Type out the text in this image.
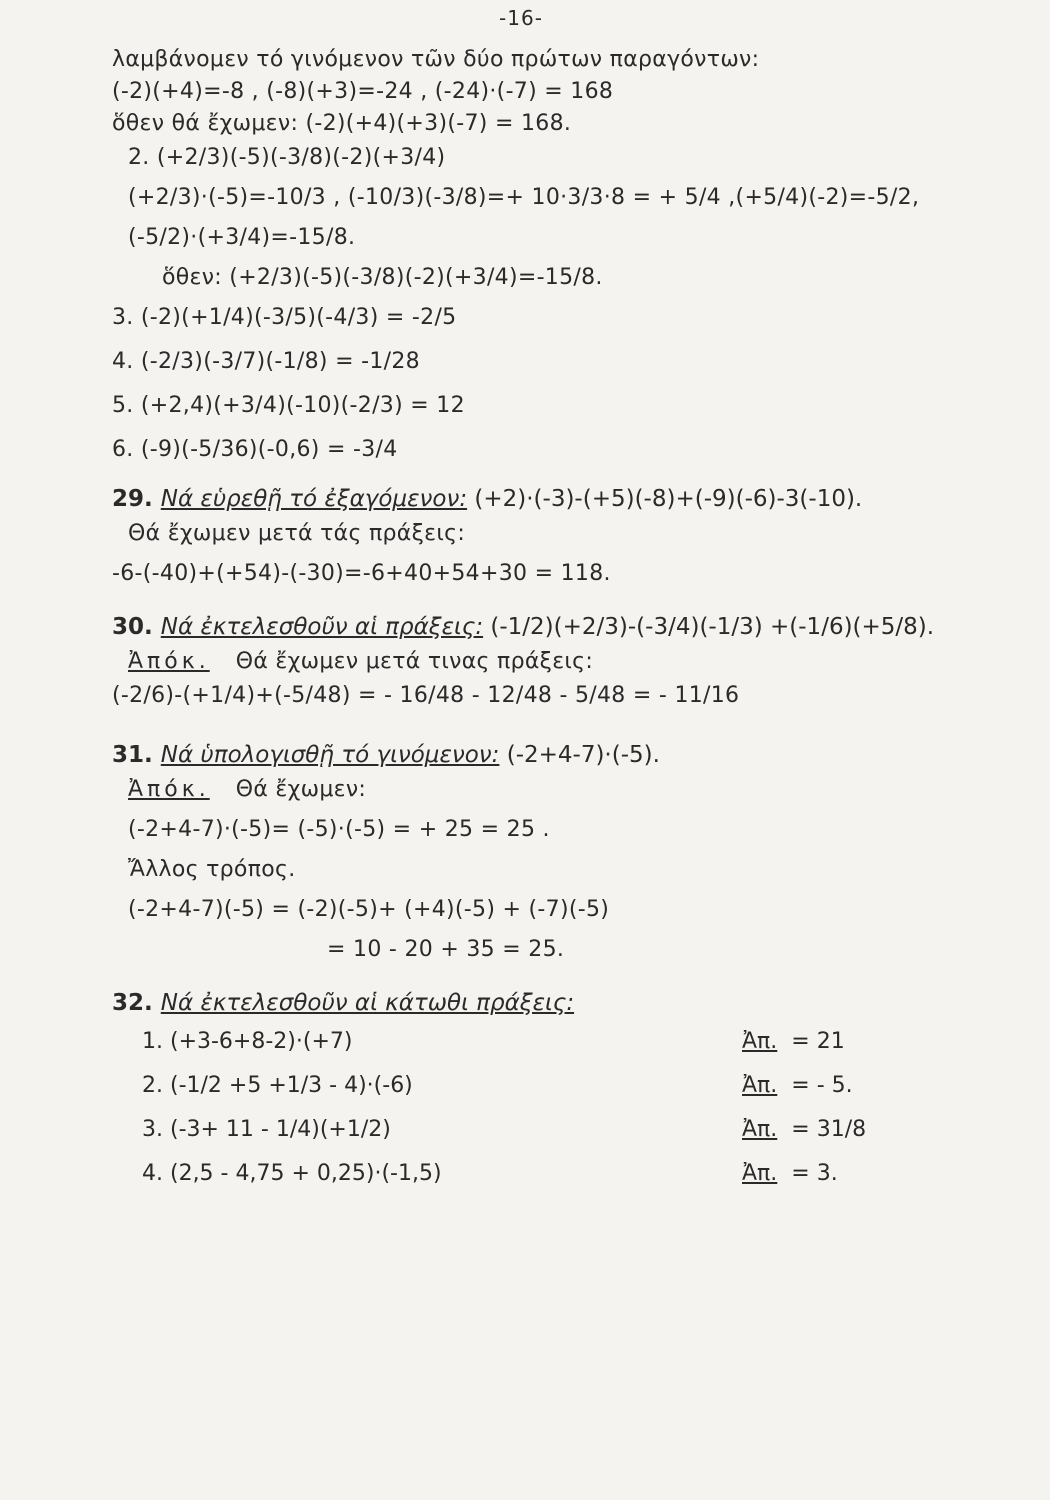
-16-
λαμβάνομεν τό γινόμενον τῶν δύο πρώτων παραγόντων:
(-2)(+4)=-8 , (-8)(+3)=-24 , (-24)·(-7) = 168
ὅθεν θά ἔχωμεν: (-2)(+4)(+3)(-7) = 168.
2. (+2/3)(-5)(-3/8)(-2)(+3/4)
(+2/3)·(-5)=-10/3 , (-10/3)(-3/8)=+ 10·3/3·8 = + 5/4 ,(+5/4)(-2)=-5/2,
(-5/2)·(+3/4)=-15/8.
ὅθεν: (+2/3)(-5)(-3/8)(-2)(+3/4)=-15/8.
3. (-2)(+1/4)(-3/5)(-4/3) = -2/5
4. (-2/3)(-3/7)(-1/8) = -1/28
5. (+2,4)(+3/4)(-10)(-2/3) = 12
6. (-9)(-5/36)(-0,6) = -3/4
29. Νά εὑρεθῇ τό ἐξαγόμενον: (+2)·(-3)-(+5)(-8)+(-9)(-6)-3(-10).
Θά ἔχωμεν μετά τάς πράξεις:
-6-(-40)+(+54)-(-30)=-6+40+54+30 = 118.
30. Νά ἐκτελεσθοῦν αἱ πράξεις: (-1/2)(+2/3)-(-3/4)(-1/3) +(-1/6)(+5/8).
Ἀπόκ. Θά ἔχωμεν μετά τινας πράξεις:
(-2/6)-(+1/4)+(-5/48) = - 16/48 - 12/48 - 5/48 = - 11/16
31. Νά ὑπολογισθῇ τό γινόμενον: (-2+4-7)·(-5).
Ἀπόκ. Θά ἔχωμεν:
(-2+4-7)·(-5)= (-5)·(-5) = + 25 = 25 .
Ἄλλος τρόπος.
(-2+4-7)(-5) = (-2)(-5)+ (+4)(-5) + (-7)(-5)
= 10 - 20 + 35 = 25.
32. Νά ἐκτελεσθοῦν αἱ κάτωθι πράξεις:
1. (+3-6+8-2)·(+7)	Ἀπ. = 21
2. (-1/2 +5 +1/3 - 4)·(-6)	Ἀπ. = - 5.
3. (-3+ 11 - 1/4)(+1/2)	Ἀπ. = 31/8
4. (2,5 - 4,75 + 0,25)·(-1,5)	Ἀπ. = 3.
